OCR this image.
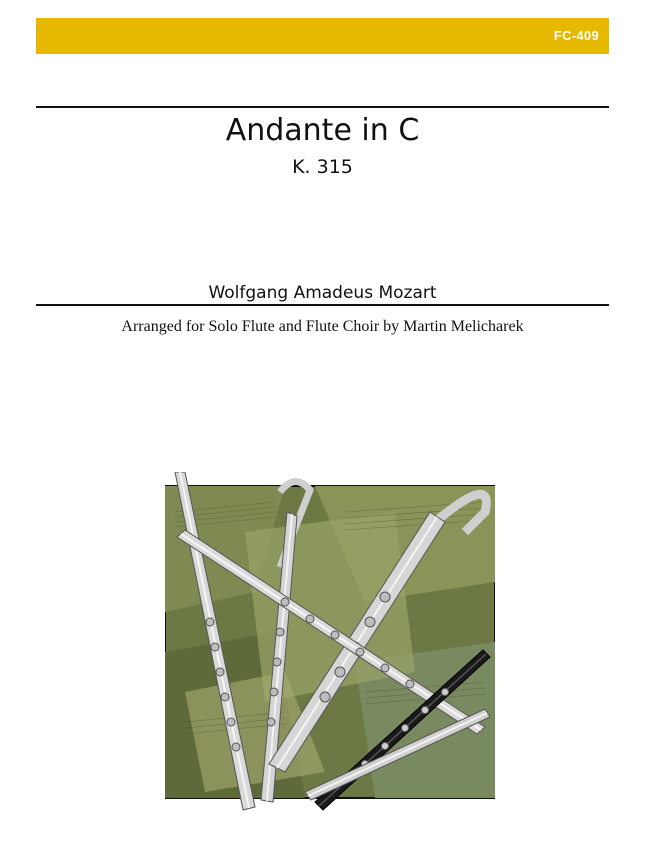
FC-409
Andante in C
K. 315
Wolfgang Amadeus Mozart
Arranged for Solo Flute and Flute Choir by Martin Melicharek
